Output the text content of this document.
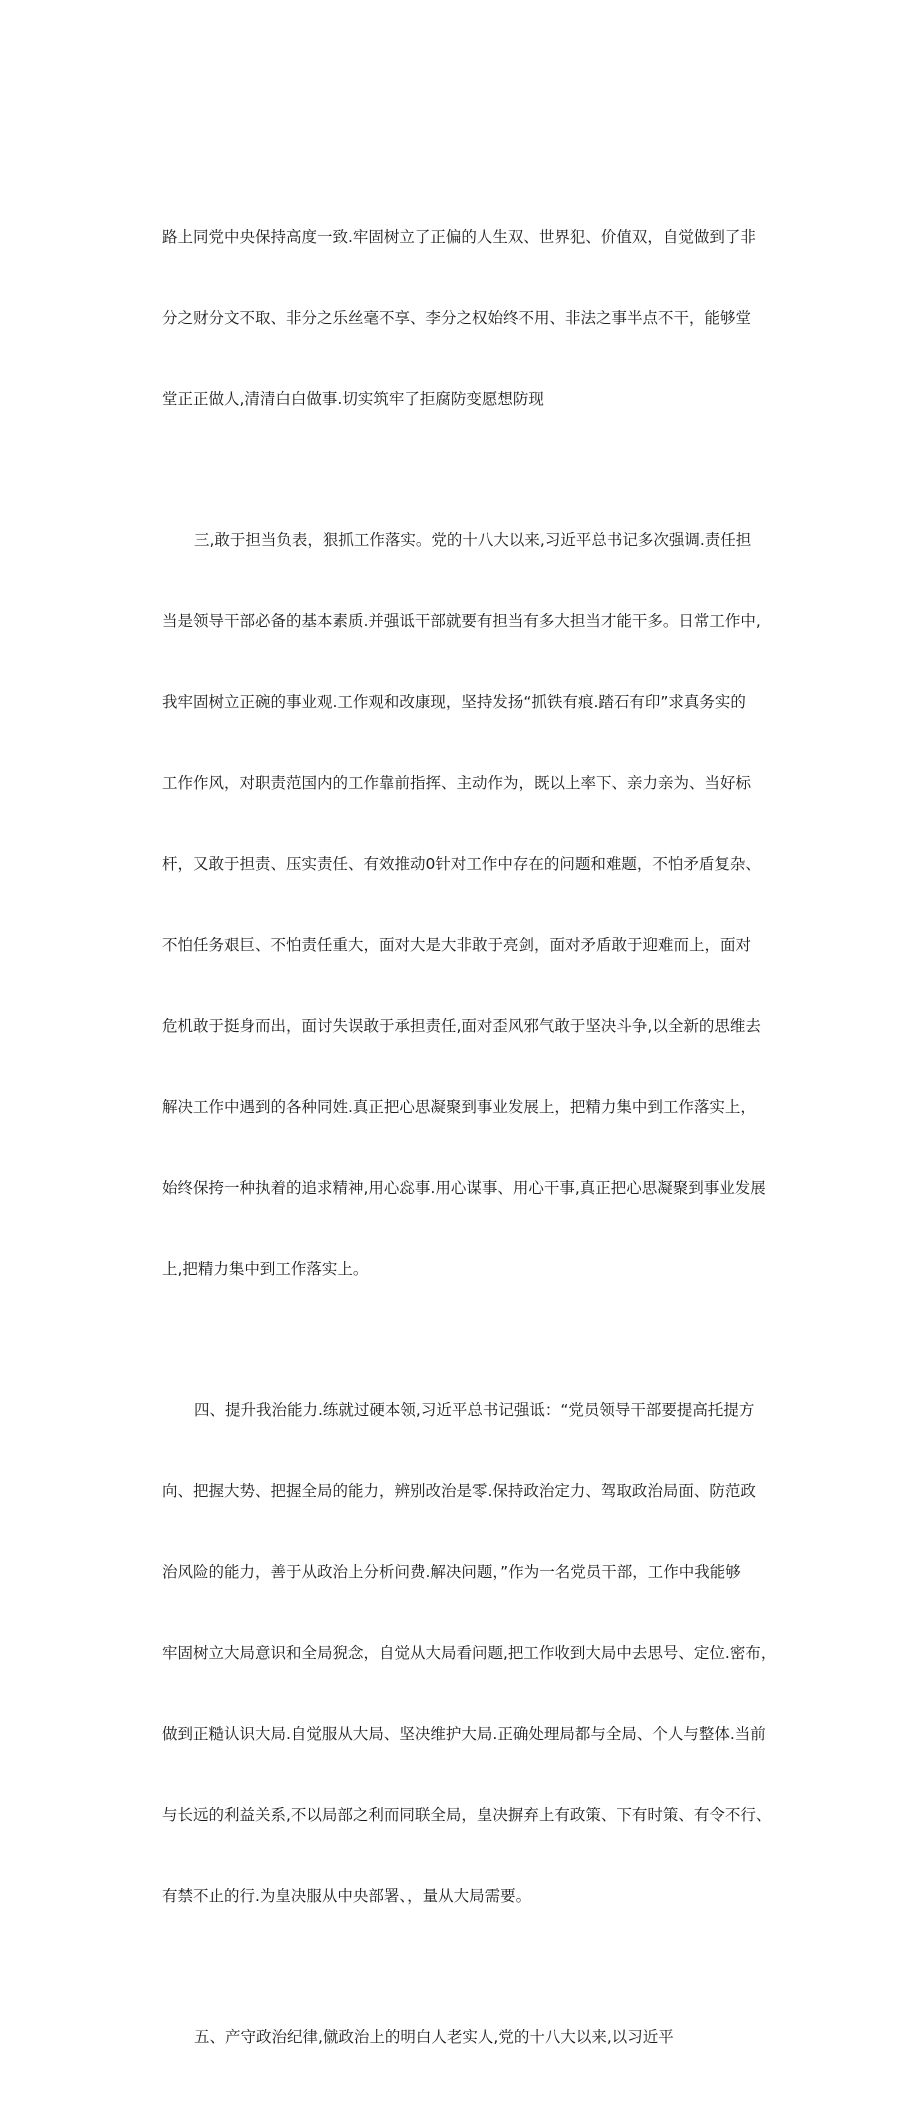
路上同党中央保持高度一致.牢固树立了正偏的人生双、世界犯、价值双，自觉做到了非

分之财分文不取、非分之乐丝毫不享、李分之权始终不用、非法之事半点不干，能够堂

堂正正做人,清清白白做事.切实筑牢了拒腐防变愿想防现

三,敢于担当负表，狠抓工作落实。党的十八大以来,习近平总书记多次强调.责任担

当是领导干部必备的基本素质.并强诋干部就要有担当有多大担当才能干多。日常工作中,

我牢固树立正碗的事业观.工作观和改康现，坚持发扬“抓铁有痕.踏石有印”求真务实的

工作作风，对职责范国内的工作靠前指挥、主动作为，既以上率下、亲力亲为、当好标

杆，又敢于担责、压实责任、有效推动0针对工作中存在的问题和难题，不怕矛盾复杂、

不怕任务艰巨、不怕责任重大，面对大是大非敢于亮剑，面对矛盾敢于迎难而上，面对

危机敢于挺身而出，面讨失误敢于承担责任,面对歪风邪气敢于坚决斗争,以全新的思维去

解决工作中遇到的各种同姓.真正把心思凝聚到事业发展上，把精力集中到工作落实上，

始终保挎一种执着的追求精神,用心惢事.用心谋事、用心干事,真正把心思凝聚到事业发展

上,把精力集中到工作落实上。

四、提升我治能力.练就过硬本领,习近平总书记强诋：“党员领导干部要提高托提方

向、把握大势、把握全局的能力，辨别改治是零.保持政治定力、驾取政治局面、防范政

治风险的能力，善于从政治上分析问费.解决问题，”作为一名党员干部，工作中我能够

牢固树立大局意识和全局猊念，自觉从大局看问题,把工作收到大局中去思号、定位.密布，

做到正糙认识大局.自觉服从大局、坚决维护大局.正确处理局都与全局、个人与整体.当前

与长远的利益关系,不以局部之利而同联全局，皇决摒弃上有政策、下有时策、有令不行、

有禁不止的行.为皇决服从中央部署、，量从大局需要。

五、产守政治纪律,僦政治上的明白人老实人,党的十八大以来,以习近平
